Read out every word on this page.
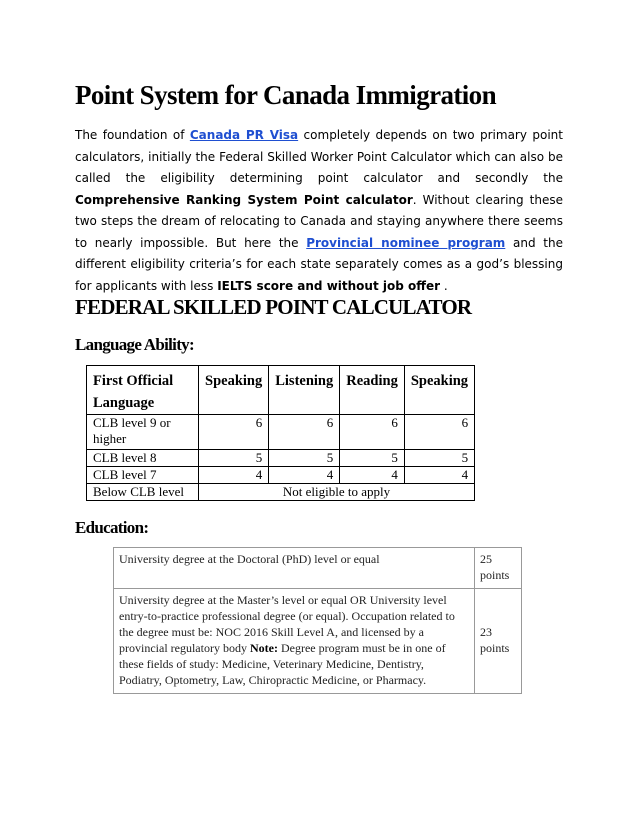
Point System for Canada Immigration

The foundation of Canada PR Visa completely depends on two primary point calculators, initially the Federal Skilled Worker Point Calculator which can also be called the eligibility determining point calculator and secondly the Comprehensive Ranking System Point calculator. Without clearing these two steps the dream of relocating to Canada and staying anywhere there seems to nearly impossible. But here the Provincial nominee program and the different eligibility criteria’s for each state separately comes as a god’s blessing for applicants with less IELTS score and without job offer .

FEDERAL SKILLED POINT CALCULATOR
Language Ability:
First Official Language	Speaking	Listening	Reading	Speaking
CLB level 9 or higher	6	6	6	6
CLB level 8	5	5	5	5
CLB level 7	4	4	4	4
Below CLB level	Not eligible to apply			
Education:
University degree at the Doctoral (PhD) level or equal	25 points
University degree at the Master’s level or equal OR University level entry-to-practice professional degree (or equal). Occupation related to the degree must be: NOC 2016 Skill Level A, and licensed by a provincial regulatory body Note: Degree program must be in one of these fields of study: Medicine, Veterinary Medicine, Dentistry, Podiatry, Optometry, Law, Chiropractic Medicine, or Pharmacy.	23 points
